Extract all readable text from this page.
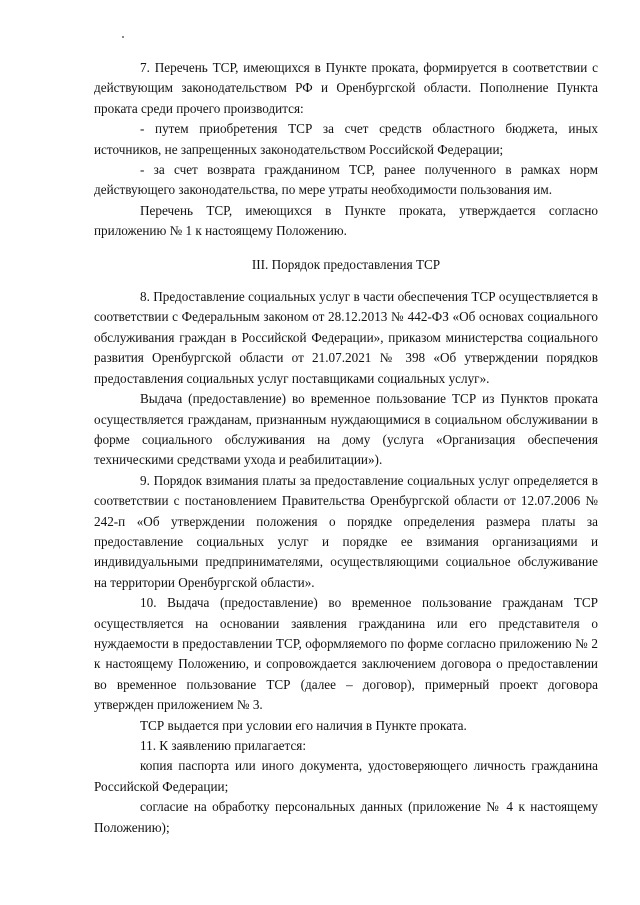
7. Перечень ТСР, имеющихся в Пункте проката, формируется в соответствии с действующим законодательством РФ и Оренбургской области. Пополнение Пункта проката среди прочего производится:

- путем приобретения ТСР за счет средств областного бюджета, иных источников, не запрещенных законодательством Российской Федерации;

- за счет возврата гражданином ТСР, ранее полученного в рамках норм действующего законодательства, по мере утраты необходимости пользования им.

Перечень ТСР, имеющихся в Пункте проката, утверждается согласно приложению № 1 к настоящему Положению.

III. Порядок предоставления ТСР

8. Предоставление социальных услуг в части обеспечения ТСР осуществляется в соответствии с Федеральным законом от 28.12.2013 № 442-ФЗ «Об основах социального обслуживания граждан в Российской Федерации», приказом министерства социального развития Оренбургской области от 21.07.2021 № 398 «Об утверждении порядков предоставления социальных услуг поставщиками социальных услуг».

Выдача (предоставление) во временное пользование ТСР из Пунктов проката осуществляется гражданам, признанным нуждающимися в социальном обслуживании в форме социального обслуживания на дому (услуга «Организация обеспечения техническими средствами ухода и реабилитации»).

9. Порядок взимания платы за предоставление социальных услуг определяется в соответствии с постановлением Правительства Оренбургской области от 12.07.2006 № 242-п «Об утверждении положения о порядке определения размера платы за предоставление социальных услуг и порядке ее взимания организациями и индивидуальными предпринимателями, осуществляющими социальное обслуживание на территории Оренбургской области».

10. Выдача (предоставление) во временное пользование гражданам ТСР осуществляется на основании заявления гражданина или его представителя о нуждаемости в предоставлении ТСР, оформляемого по форме согласно приложению № 2 к настоящему Положению, и сопровождается заключением договора о предоставлении во временное пользование ТСР (далее – договор), примерный проект договора утвержден приложением № 3.

ТСР выдается при условии его наличия в Пункте проката.

11. К заявлению прилагается:

копия паспорта или иного документа, удостоверяющего личность гражданина Российской Федерации;

согласие на обработку персональных данных (приложение № 4 к настоящему Положению);
